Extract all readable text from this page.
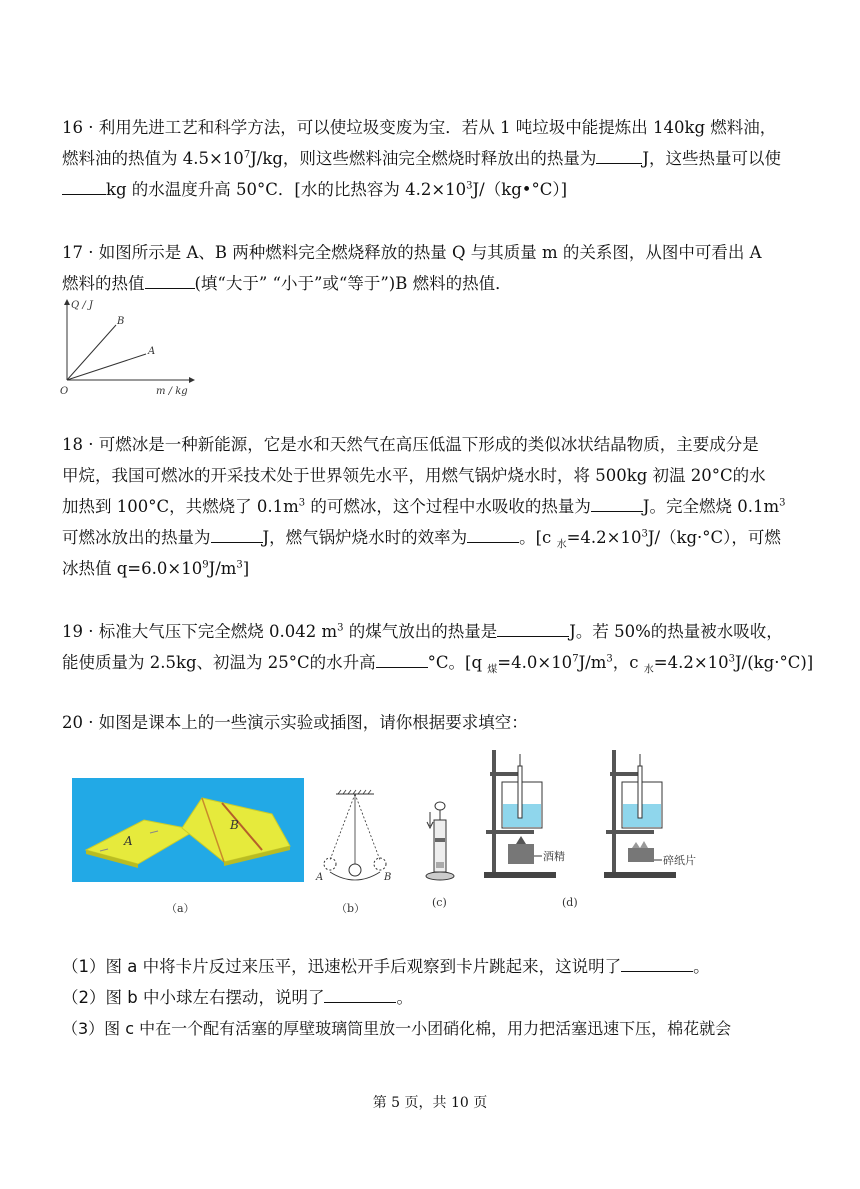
16 · 利用先进工艺和科学方法，可以使垃圾变废为宝．若从 1 吨垃圾中能提炼出 140kg 燃料油，
燃料油的热值为 $4.5\times 10^7J/kg$，则这些燃料油完全燃烧时释放出的热量为	J，这些热量可以使
kg 的水温度升高 50°C．[水的比热容为 $4.2\times 10^3J/(kg•^\circ C)$]
17 · 如图所示是 A、B 两种燃料完全燃烧释放的热量 Q 与其质量 m 的关系图，从图中可看出 A
燃料的热值	(填“大于” “小于”或“等于”)B 燃料的热值．
Q / J
m / kg
O
B
A
18 · 可燃冰是一种新能源，它是水和天然气在高压低温下形成的类似冰状结晶物质，主要成分是
甲烷，我国可燃冰的开采技术处于世界领先水平，用燃气锅炉烧水时，将 500kg 初温 20°C的水
加热到 100°C，共燃烧了 $0.1m^3$ 的可燃冰，这个过程中水吸收的热量为	J。完全燃烧 $0.1m^3$
可燃冰放出的热量为	J，燃气锅炉烧水时的效率为	。[c $_水=4.2\times 10^3J/(kg\cdot^\circ C)$，可燃
冰热值 $q=6.0\times 10^9J/m^3$]
19 · 标准大气压下完全燃烧 0.042 $m^3$ 的煤气放出的热量是	J。若 50%的热量被水吸收，
能使质量为 2.5kg、初温为 25°C的水升高	°C。[q $_煤=4.0\times 10^7J/m^3$，c $_水=4.2\times 10^3J/(kg\cdot^\circ C)$]
20 · 如图是课本上的一些演示实验或插图，请你根据要求填空：
A
B
（a）
A	B
（b）	(c)
酒精
(d)
碎纸片
（1）图 a 中将卡片反过来压平，迅速松开手后观察到卡片跳起来，这说明了	。
（2）图 b 中小球左右摆动，说明了	。
（3）图 c 中在一个配有活塞的厚壁玻璃筒里放一小团硝化棉，用力把活塞迅速下压，棉花就会
第 5 页，共 10 页
